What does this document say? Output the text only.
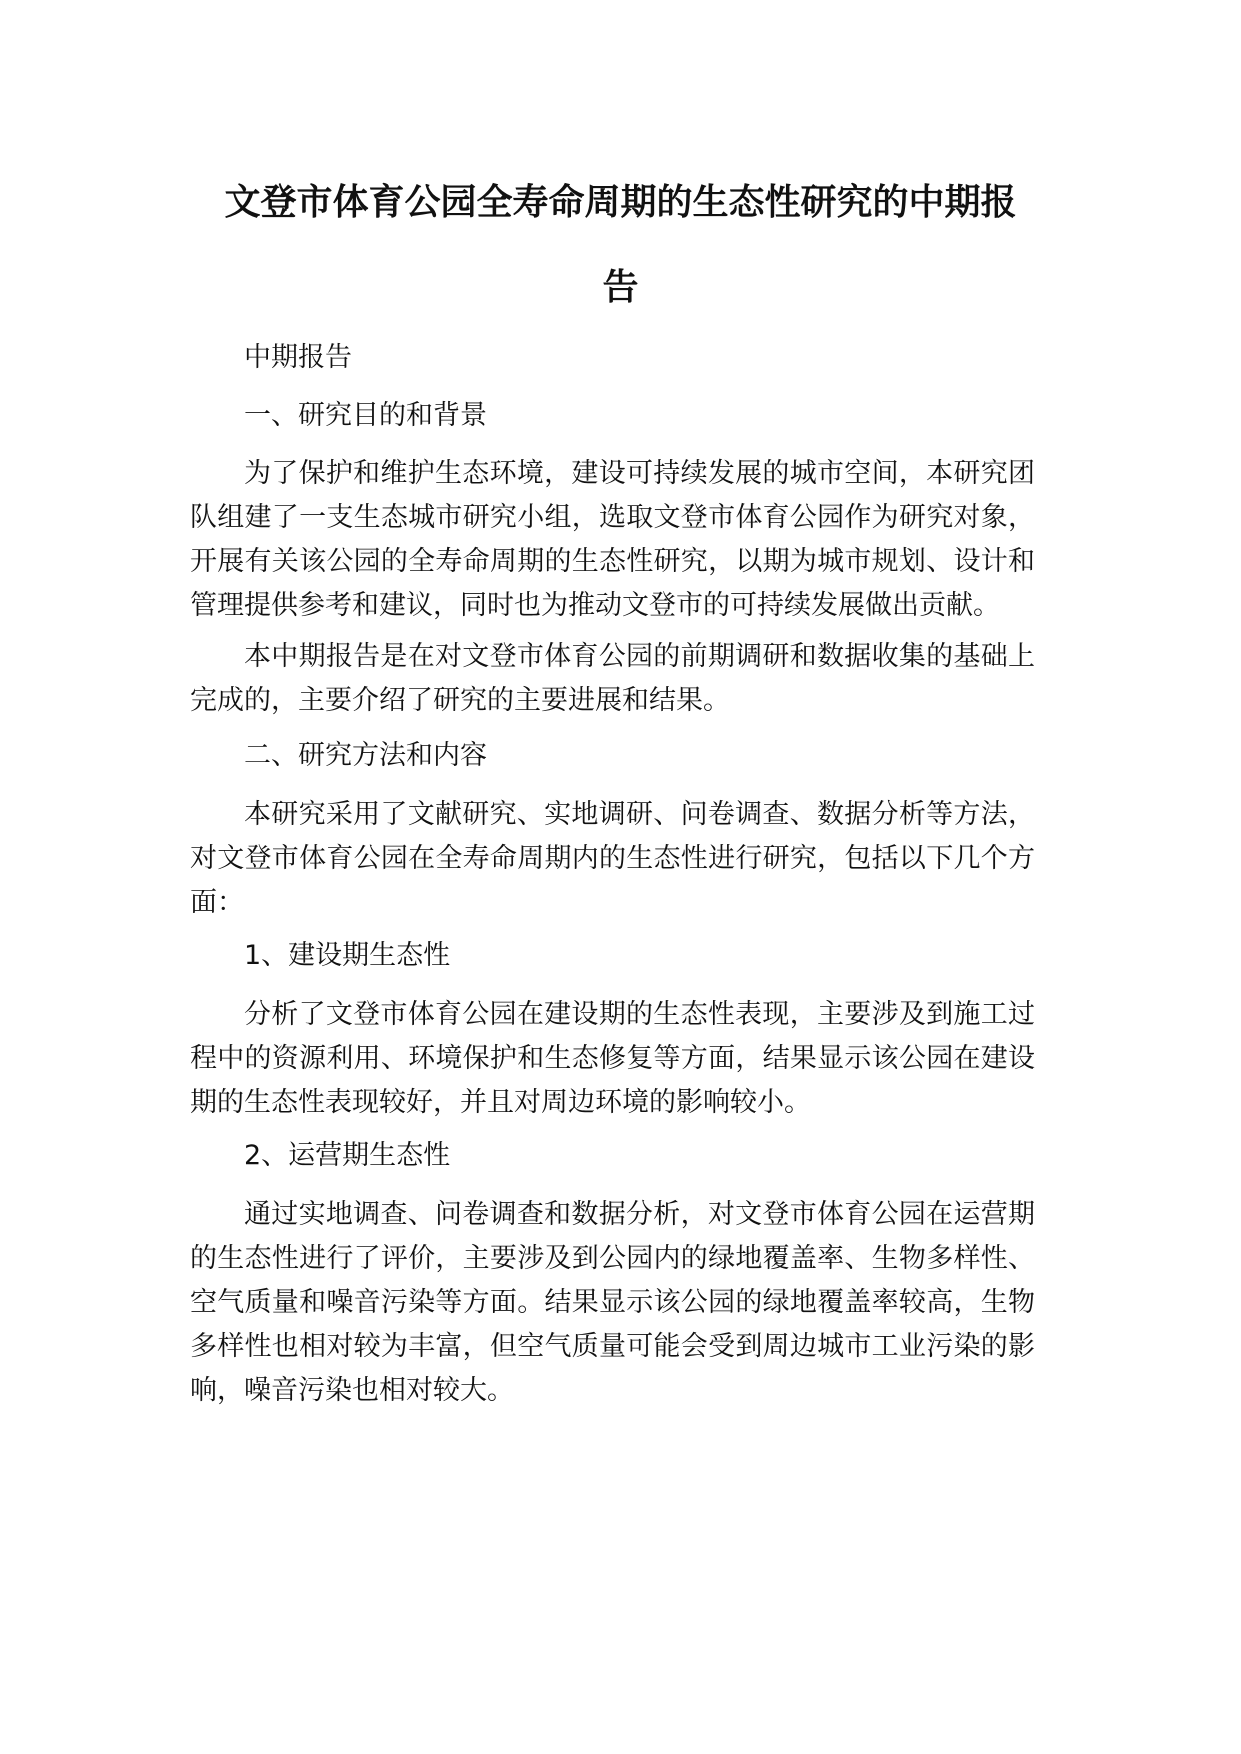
文登市体育公园全寿命周期的生态性研究的中期报
告

中期报告

一、研究目的和背景

为了保护和维护生态环境，建设可持续发展的城市空间，本研究团队组建了一支生态城市研究小组，选取文登市体育公园作为研究对象，开展有关该公园的全寿命周期的生态性研究，以期为城市规划、设计和管理提供参考和建议，同时也为推动文登市的可持续发展做出贡献。

本中期报告是在对文登市体育公园的前期调研和数据收集的基础上完成的，主要介绍了研究的主要进展和结果。

二、研究方法和内容

本研究采用了文献研究、实地调研、问卷调查、数据分析等方法，对文登市体育公园在全寿命周期内的生态性进行研究，包括以下几个方面：

1、建设期生态性

分析了文登市体育公园在建设期的生态性表现，主要涉及到施工过程中的资源利用、环境保护和生态修复等方面，结果显示该公园在建设期的生态性表现较好，并且对周边环境的影响较小。

2、运营期生态性

通过实地调查、问卷调查和数据分析，对文登市体育公园在运营期的生态性进行了评价，主要涉及到公园内的绿地覆盖率、生物多样性、空气质量和噪音污染等方面。结果显示该公园的绿地覆盖率较高，生物多样性也相对较为丰富，但空气质量可能会受到周边城市工业污染的影响，噪音污染也相对较大。
